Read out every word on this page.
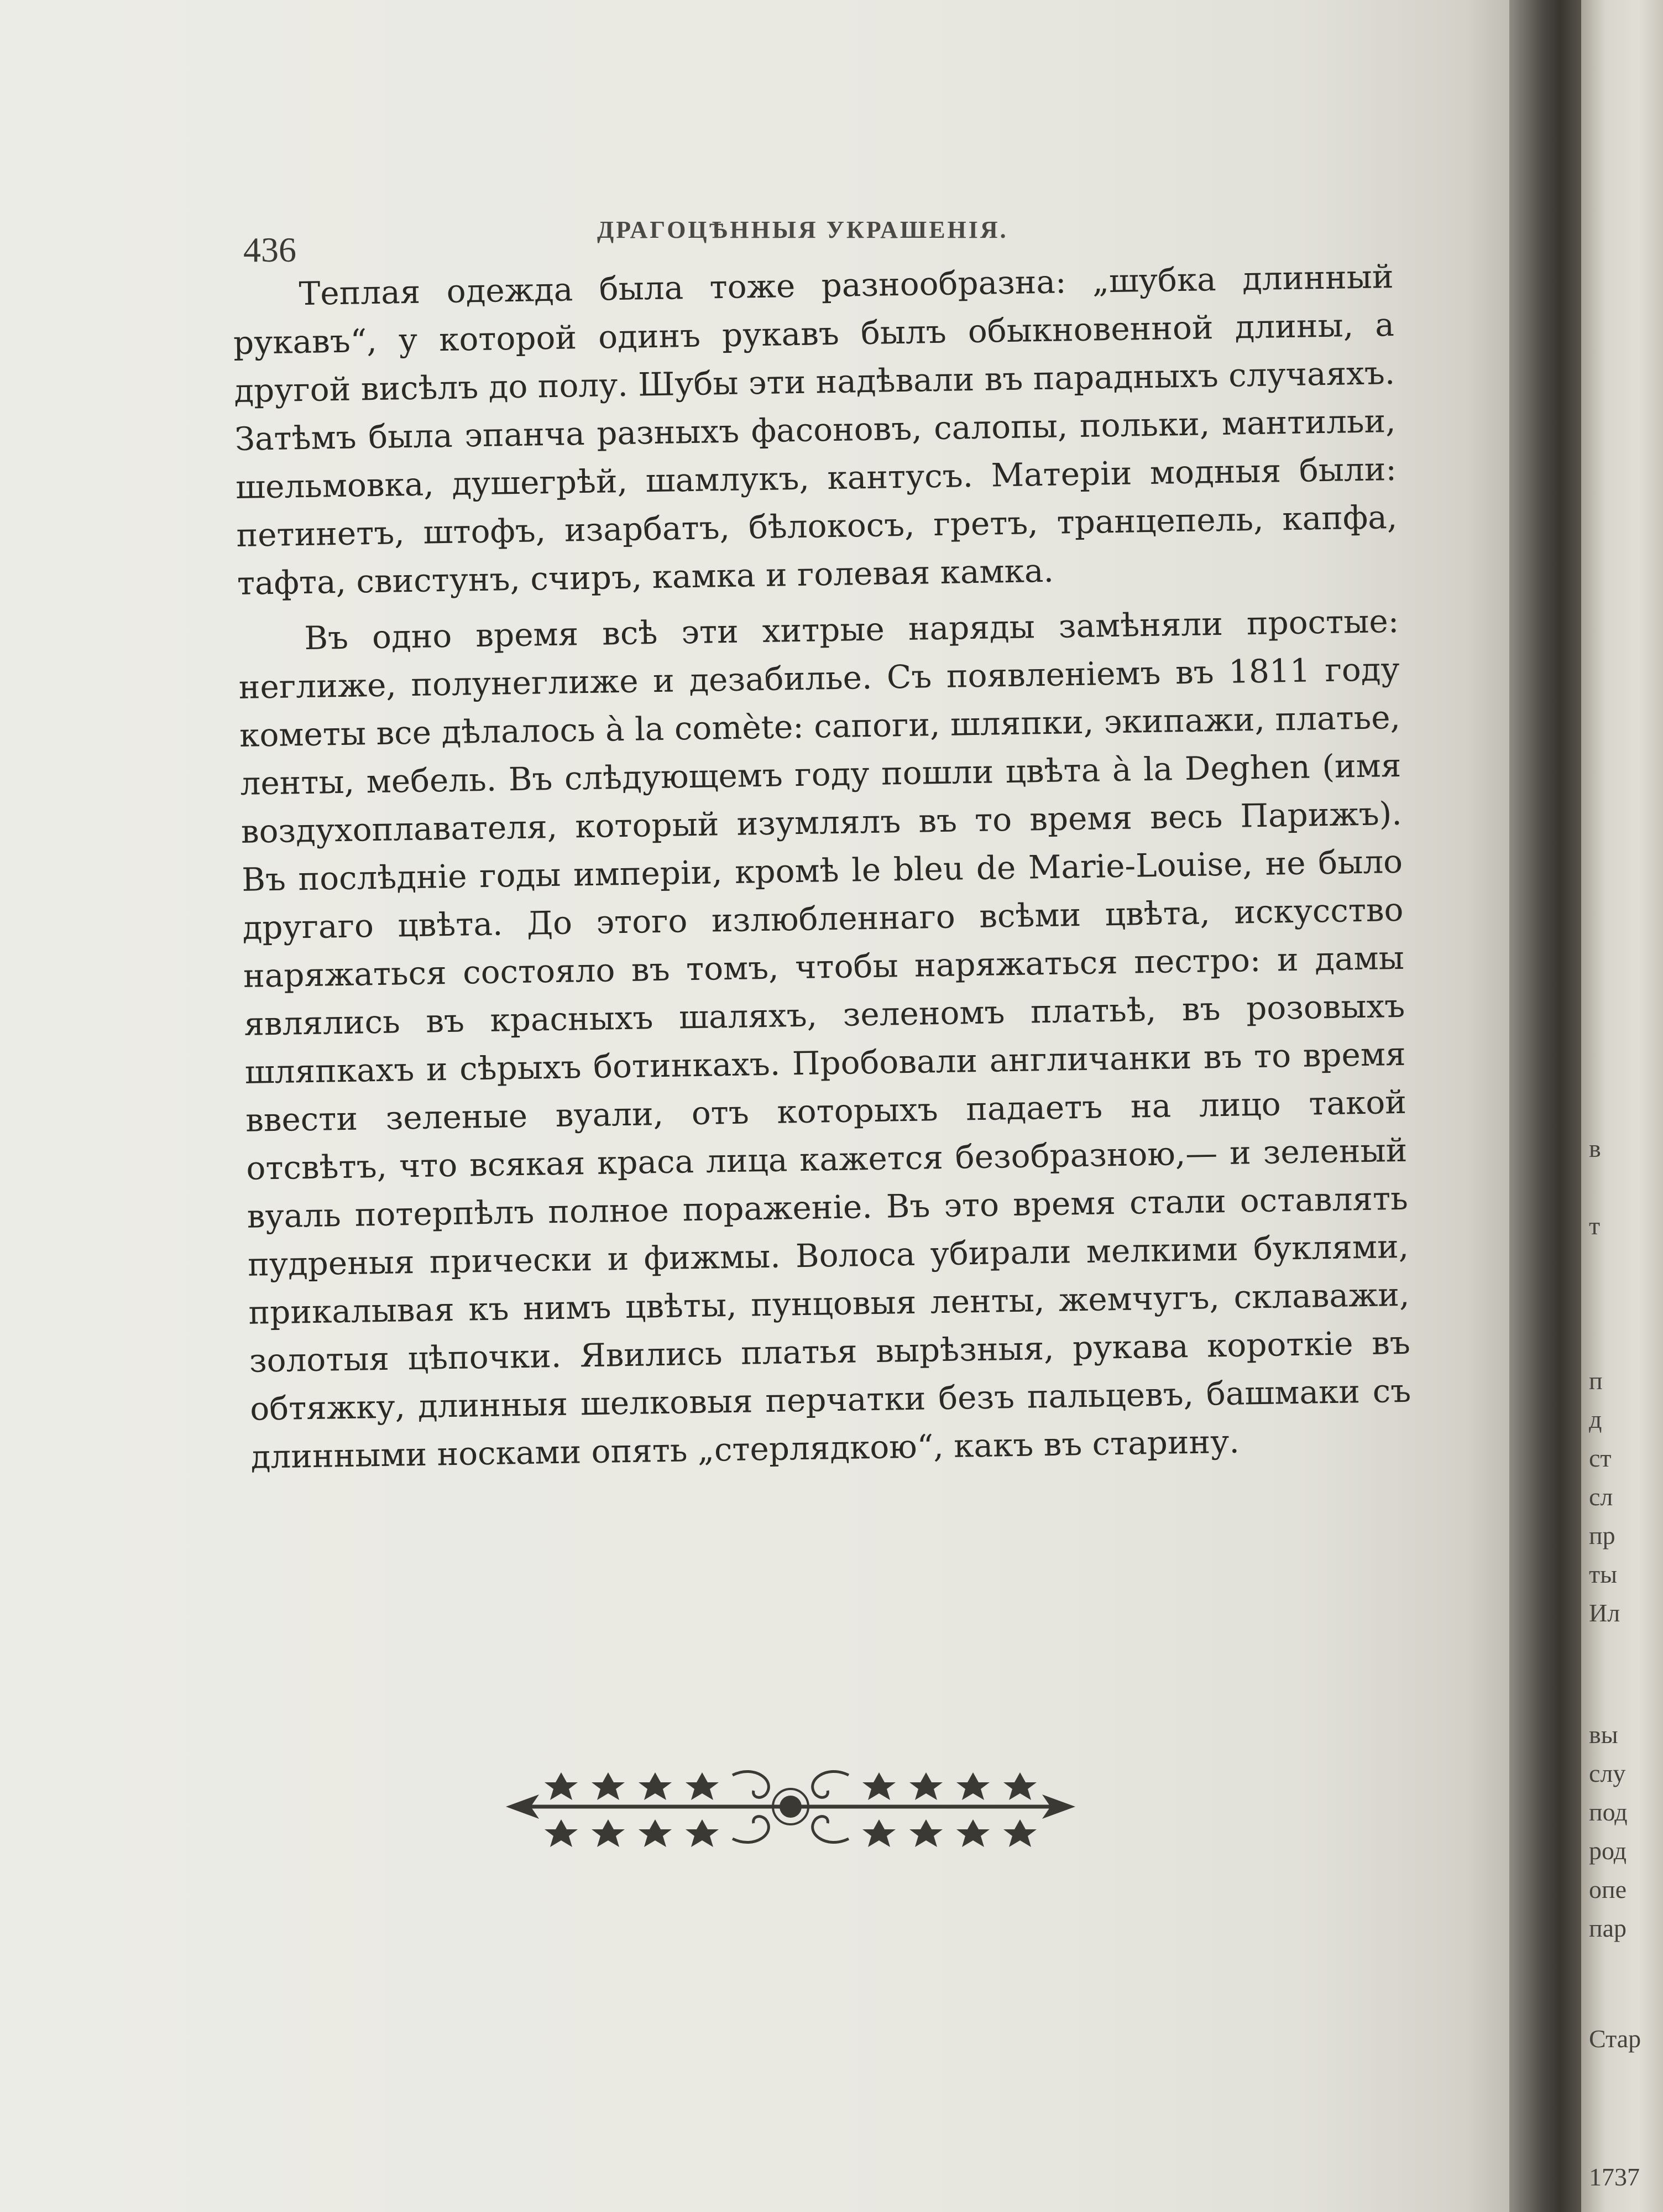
436
ДРАГОЦѢННЫЯ УКРАШЕНІЯ.

Теплая одежда была тоже разнообразна: „шубка длинный рукавъ“, у которой одинъ рукавъ былъ обыкновенной длины, а другой висѣлъ до полу. Шубы эти надѣвали въ парадныхъ случаяхъ. Затѣмъ была эпанча разныхъ фасоновъ, салопы, польки, мантильи, шельмовка, душегрѣй, шамлукъ, кантусъ. Матеріи модныя были: петинетъ, штофъ, изарбатъ, бѣлокосъ, гретъ, транцепель, капфа, тафта, свистунъ, счиръ, камка и голевая камка.

Въ одно время всѣ эти хитрые наряды замѣняли простые: неглиже, полунеглиже и дезабилье. Съ появленіемъ въ 1811 году кометы все дѣлалось à la comète: сапоги, шляпки, экипажи, платье, ленты, мебель. Въ слѣдующемъ году пошли цвѣта à la Deghen (имя воздухоплавателя, который изумлялъ въ то время весь Парижъ). Въ послѣдніе годы имперіи, кромѣ le bleu de Marie-Louise, не было другаго цвѣта. До этого излюбленнаго всѣми цвѣта, искусство наряжаться состояло въ томъ, чтобы наряжаться пестро: и дамы являлись въ красныхъ шаляхъ, зеленомъ платьѣ, въ розовыхъ шляпкахъ и сѣрыхъ ботинкахъ. Пробовали англичанки въ то время ввести зеленые вуали, отъ которыхъ падаетъ на лицо такой отсвѣтъ, что всякая краса лица кажется безобразною,— и зеленый вуаль потерпѣлъ полное пораженіе. Въ это время стали оставлять пудреныя прически и фижмы. Волоса убирали мелкими буклями, прикалывая къ нимъ цвѣты, пунцовыя ленты, жемчугъ, склаважи, золотыя цѣпочки. Явились платья вырѣзныя, рукава короткіе въ обтяжку, длинныя шелковыя перчатки безъ пальцевъ, башмаки съ длинными носками опять „стерлядкою“, какъ въ старину.

в
т
п
д
ст
сл
пр
ты
Ил
вы
слу
под
род
опе
пар
Стар
1737
